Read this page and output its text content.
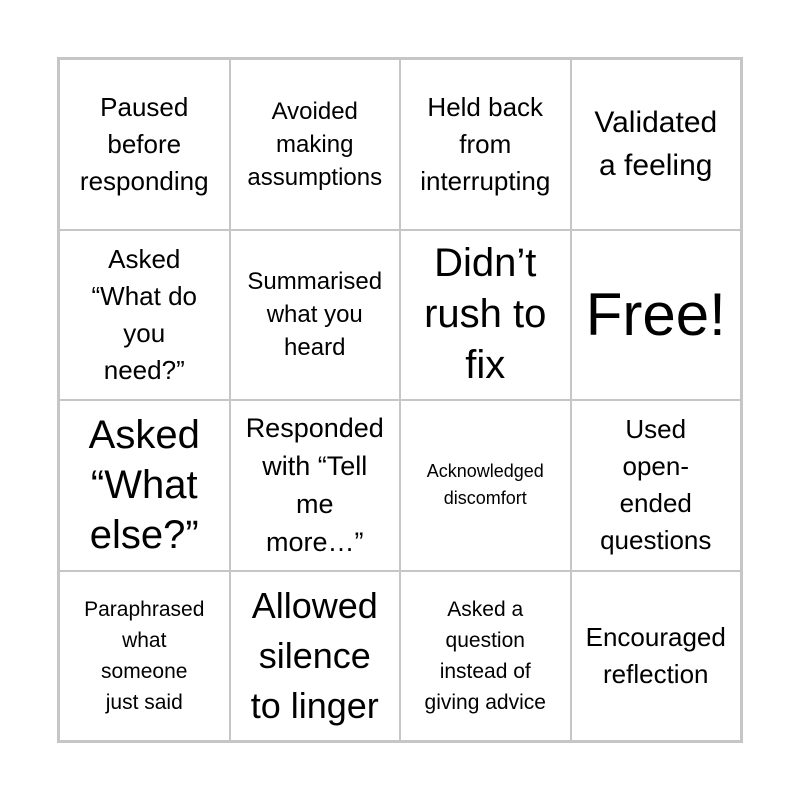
Paused
before
responding
Avoided
making
assumptions
Held back
from
interrupting
Validated
a feeling
Asked
“What do
you
need?”
Summarised
what you
heard
Didn’t
rush to
fix
Free!
Asked
“What
else?”
Responded
with “Tell
me
more…”
Acknowledged
discomfort
Used
open-
ended
questions
Paraphrased
what
someone
just said
Allowed
silence
to linger
Asked a
question
instead of
giving advice
Encouraged
reflection
